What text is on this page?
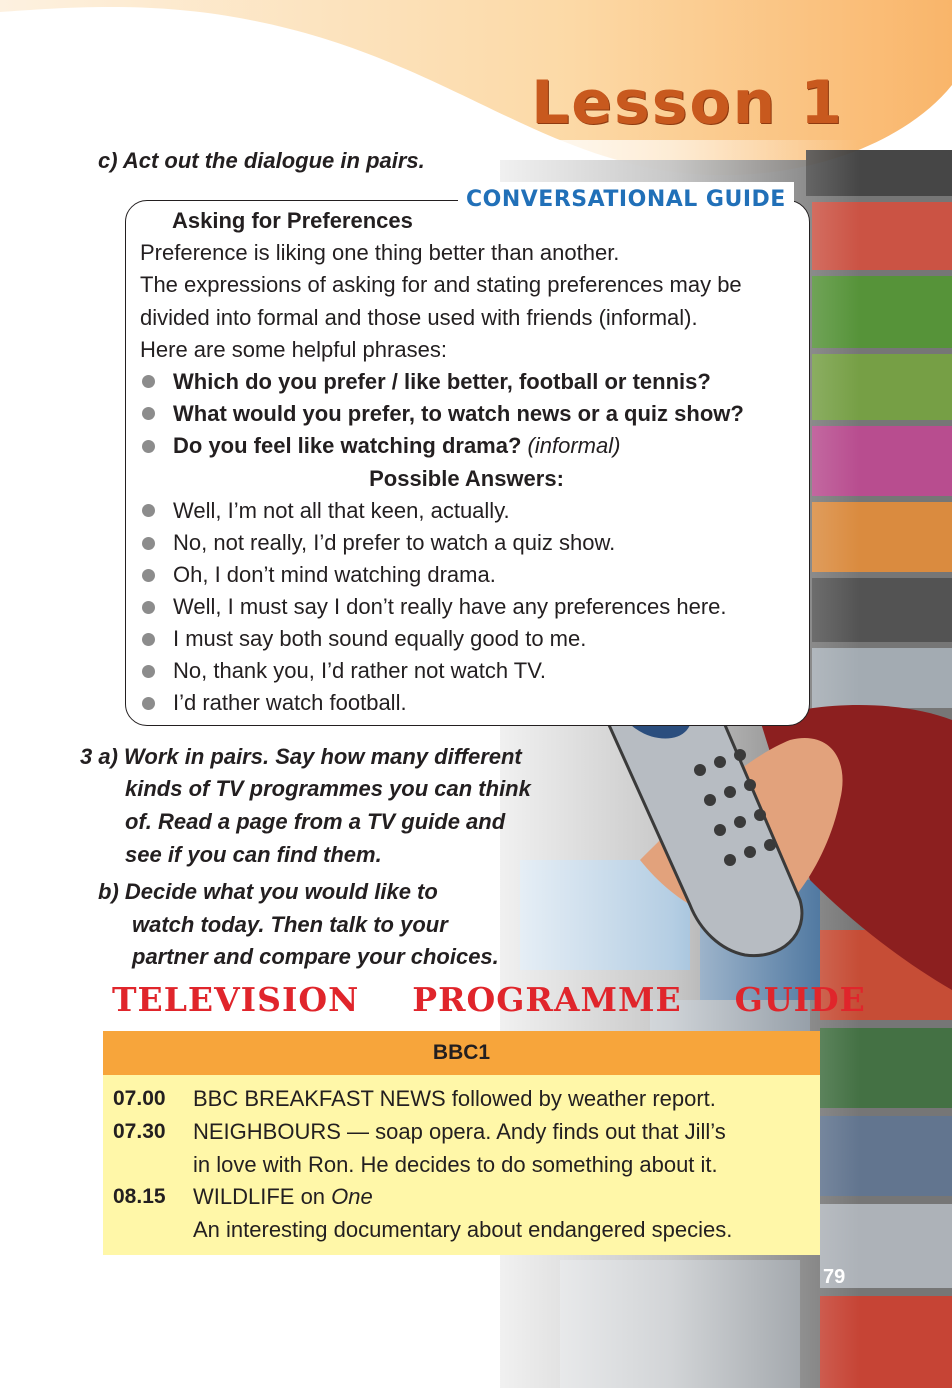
Lesson 1
c) Act out the dialogue in pairs.
CONVERSATIONAL GUIDE
Asking for Preferences
Preference is liking one thing better than another.
The expressions of asking for and stating preferences may be
divided into formal and those used with friends (informal).
Here are some helpful phrases:
Which do you prefer / like better, football or tennis?
What would you prefer, to watch news or a quiz show?
Do you feel like watching drama? (informal)
Possible Answers:
Well, I’m not all that keen, actually.
No, not really, I’d prefer to watch a quiz show.
Oh, I don’t mind watching drama.
Well, I must say I don’t really have any preferences here.
I must say both sound equally good to me.
No, thank you, I’d rather not watch TV.
I’d rather watch football.
3 a) Work in pairs. Say how many different
kinds of TV programmes you can think
of. Read a page from a TV guide and
see if you can find them.
b) Decide what you would like to
watch today. Then talk to your
partner and compare your choices.
TELEVISION  PROGRAMME  GUIDE
BBC1
07.00 BBC BREAKFAST NEWS followed by weather report.
07.30 NEIGHBOURS — soap opera. Andy finds out that Jill’s
in love with Ron. He decides to do something about it.
08.15 WILDLIFE on One
An interesting documentary about endangered species.
79
